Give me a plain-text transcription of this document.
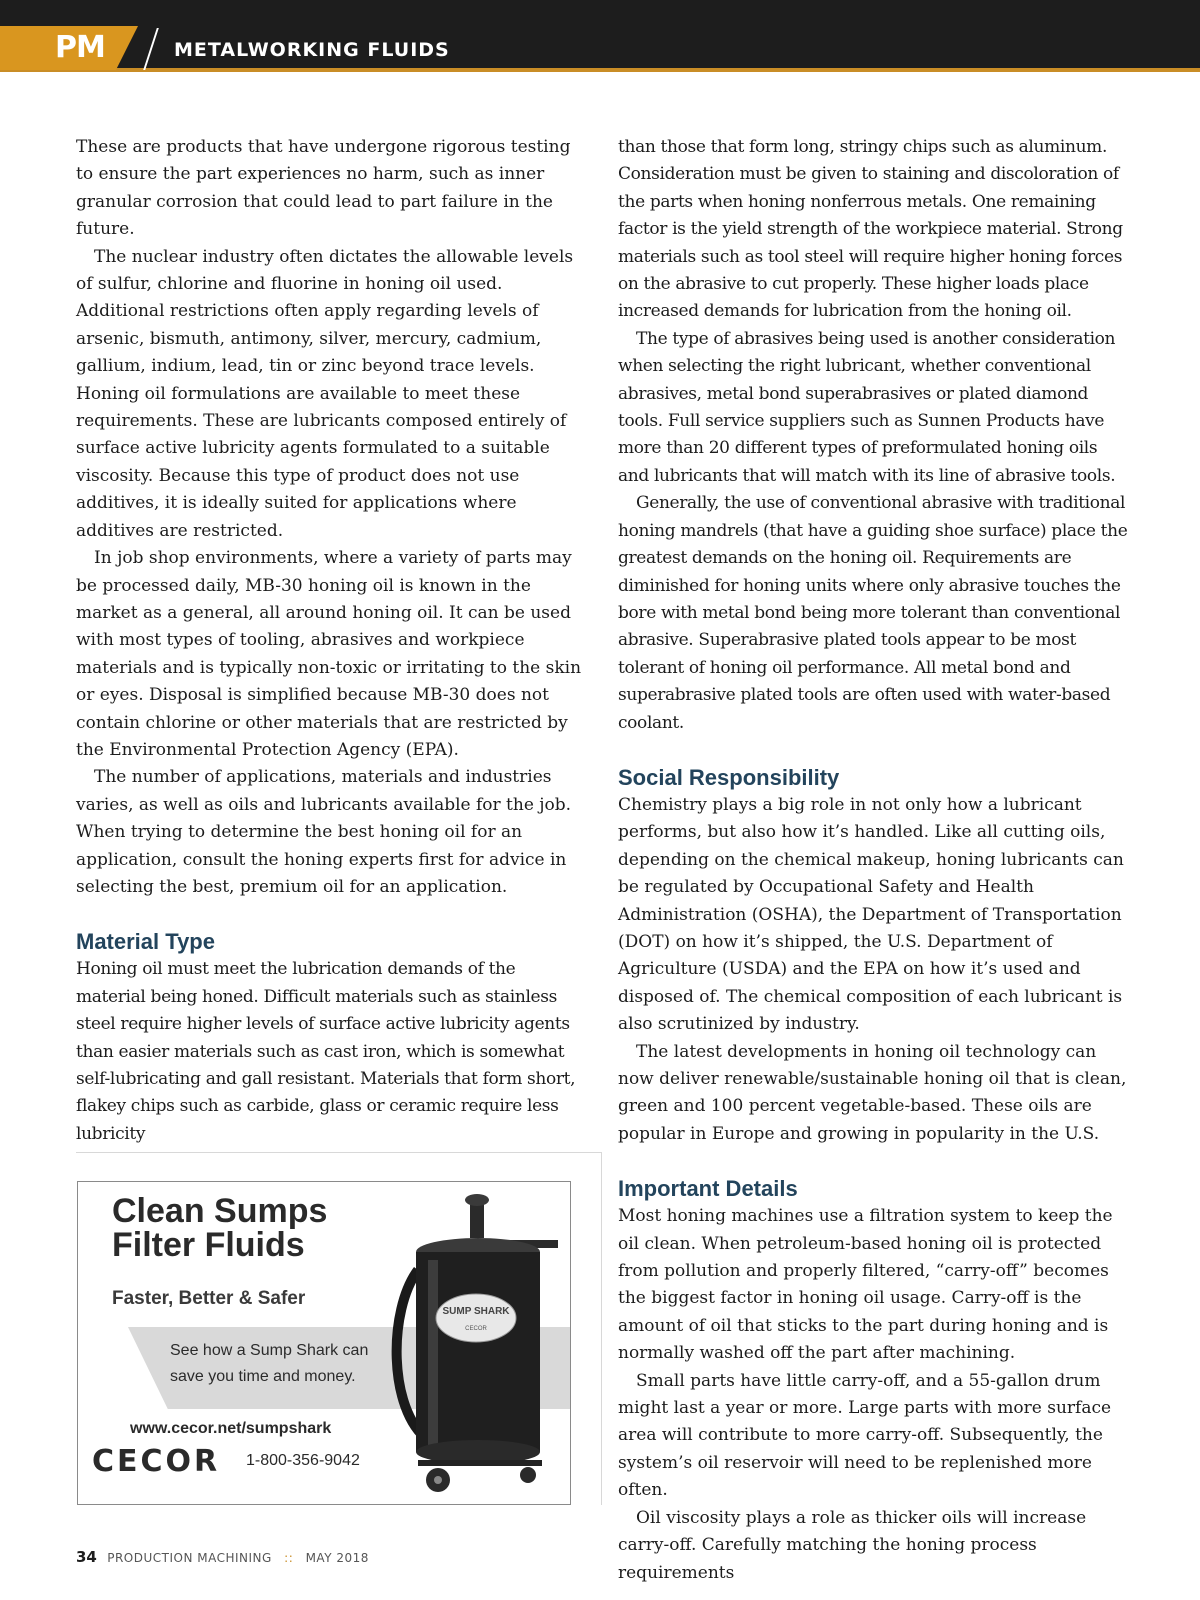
PM	METALWORKING FLUIDS

These are products that have undergone rigorous testing to ensure the part experiences no harm, such as inner granular corrosion that could lead to part failure in the future.

The nuclear industry often dictates the allowable levels of sulfur, chlorine and fluorine in honing oil used. Additional restrictions often apply regarding levels of arsenic, bismuth, antimony, silver, mercury, cadmium, gallium, indium, lead, tin or zinc beyond trace levels. Honing oil formulations are available to meet these requirements. These are lubricants composed entirely of surface active lubricity agents formulated to a suitable viscosity. Because this type of product does not use additives, it is ideally suited for applications where additives are restricted.

In job shop environments, where a variety of parts may be processed daily, MB-30 honing oil is known in the market as a general, all around honing oil. It can be used with most types of tooling, abrasives and workpiece materials and is typically non-toxic or irritating to the skin or eyes. Disposal is simplified because MB-30 does not contain chlorine or other materials that are restricted by the Environmental Protection Agency (EPA).

The number of applications, materials and industries varies, as well as oils and lubricants available for the job. When trying to determine the best honing oil for an application, consult the honing experts first for advice in selecting the best, premium oil for an application.

Material Type

Honing oil must meet the lubrication demands of the material being honed. Difficult materials such as stainless steel require higher levels of surface active lubricity agents than easier materials such as cast iron, which is somewhat self-lubricating and gall resistant. Materials that form short, flakey chips such as carbide, glass or ceramic require less lubricity

than those that form long, stringy chips such as aluminum. Consideration must be given to staining and discoloration of the parts when honing nonferrous metals. One remaining factor is the yield strength of the workpiece material. Strong materials such as tool steel will require higher honing forces on the abrasive to cut properly. These higher loads place increased demands for lubrication from the honing oil.

The type of abrasives being used is another consideration when selecting the right lubricant, whether conventional abrasives, metal bond superabrasives or plated diamond tools. Full service suppliers such as Sunnen Products have more than 20 different types of preformulated honing oils and lubricants that will match with its line of abrasive tools.

Generally, the use of conventional abrasive with traditional honing mandrels (that have a guiding shoe surface) place the greatest demands on the honing oil. Requirements are diminished for honing units where only abrasive touches the bore with metal bond being more tolerant than conventional abrasive. Superabrasive plated tools appear to be most tolerant of honing oil performance. All metal bond and superabrasive plated tools are often used with water-based coolant.

Social Responsibility

Chemistry plays a big role in not only how a lubricant performs, but also how it’s handled. Like all cutting oils, depending on the chemical makeup, honing lubricants can be regulated by Occupational Safety and Health Administration (OSHA), the Department of Transportation (DOT) on how it’s shipped, the U.S. Department of Agriculture (USDA) and the EPA on how it’s used and disposed of. The chemical composition of each lubricant is also scrutinized by industry.

The latest developments in honing oil technology can now deliver renewable/sustainable honing oil that is clean, green and 100 percent vegetable-based. These oils are popular in Europe and growing in popularity in the U.S.

Important Details

Most honing machines use a filtration system to keep the oil clean. When petroleum-based honing oil is protected from pollution and properly filtered, “carry-off” becomes the biggest factor in honing oil usage. Carry-off is the amount of oil that sticks to the part during honing and is normally washed off the part after machining.

Small parts have little carry-off, and a 55-gallon drum might last a year or more. Large parts with more surface area will contribute to more carry-off. Subsequently, the system’s oil reservoir will need to be replenished more often.

Oil viscosity plays a role as thicker oils will increase carry-off. Carefully matching the honing process requirements

Clean Sumps
Filter Fluids
Faster, Better & Safer
See how a Sump Shark can
save you time and money.
www.cecor.net/sumpshark
CECOR 1-800-356-9042
SUMP SHARK
CECOR
34 PRODUCTION MACHINING :: MAY 2018
